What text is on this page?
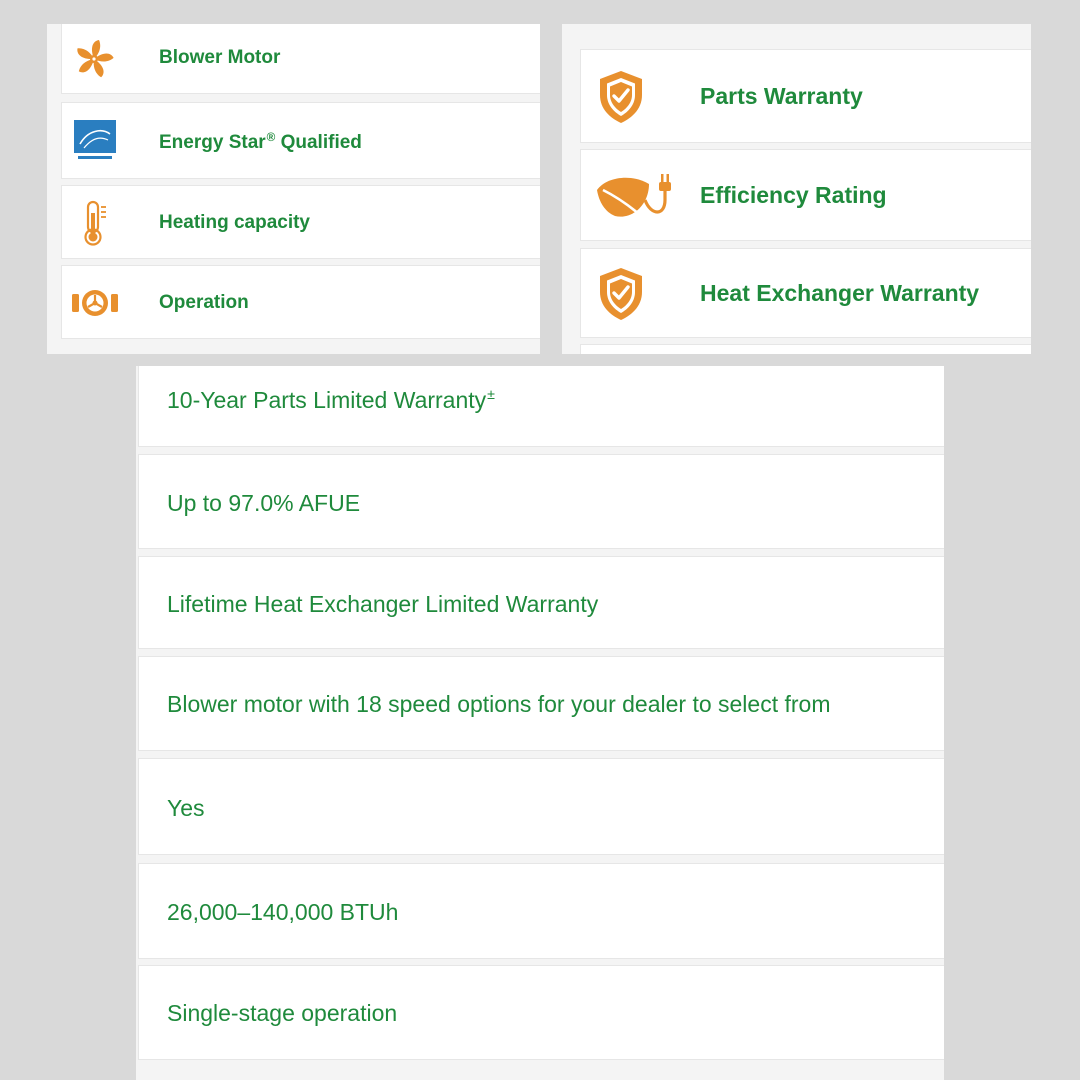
Blower Motor
Energy Star® Qualified
Heating capacity
Operation
Parts Warranty
Efficiency Rating
Heat Exchanger Warranty
10-Year Parts Limited Warranty±
Up to 97.0% AFUE
Lifetime Heat Exchanger Limited Warranty
Blower motor with 18 speed options for your dealer to select from
Yes
26,000–140,000 BTUh
Single-stage operation
